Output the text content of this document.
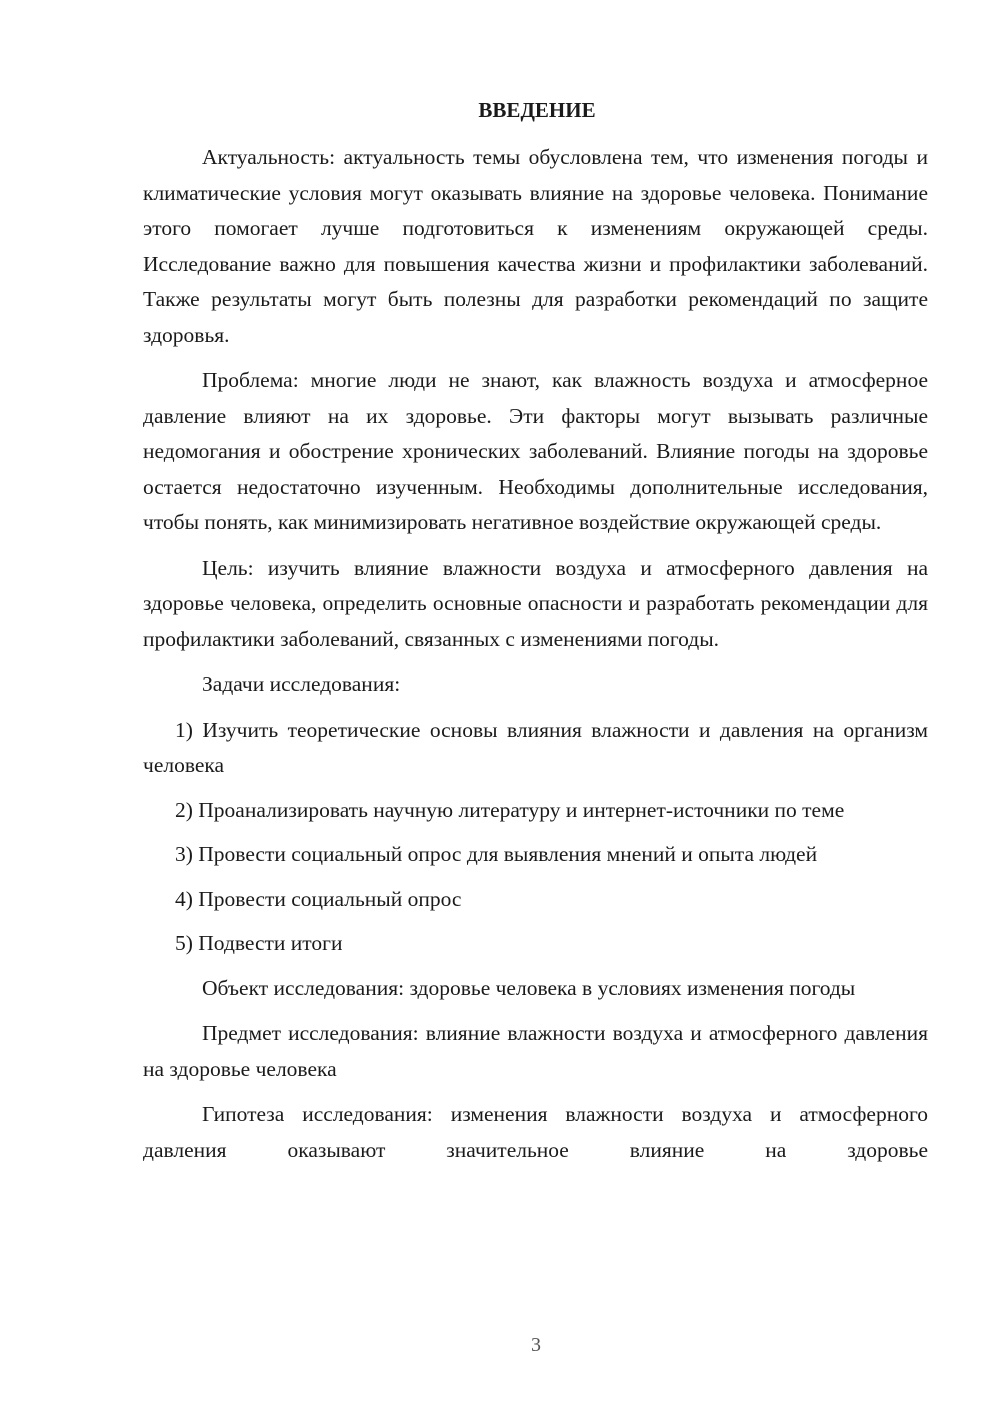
ВВЕДЕНИЕ

Актуальность: актуальность темы обусловлена тем, что изменения погоды и климатические условия могут оказывать влияние на здоровье человека. Понимание этого помогает лучше подготовиться к изменениям окружающей среды. Исследование важно для повышения качества жизни и профилактики заболеваний. Также результаты могут быть полезны для разработки рекомендаций по защите здоровья.

Проблема: многие люди не знают, как влажность воздуха и атмосферное давление влияют на их здоровье. Эти факторы могут вызывать различные недомогания и обострение хронических заболеваний. Влияние погоды на здоровье остается недостаточно изученным. Необходимы дополнительные исследования, чтобы понять, как минимизировать негативное воздействие окружающей среды.

Цель: изучить влияние влажности воздуха и атмосферного давления на здоровье человека, определить основные опасности и разработать рекомендации для профилактики заболеваний, связанных с изменениями погоды.

Задачи исследования:

1) Изучить теоретические основы влияния влажности и давления на организм человека

2) Проанализировать научную литературу и интернет-источники по теме

3) Провести социальный опрос для выявления мнений и опыта людей

4) Провести социальный опрос

5) Подвести итоги

Объект исследования: здоровье человека в условиях изменения погоды

Предмет исследования: влияние влажности воздуха и атмосферного давления на здоровье человека

Гипотеза исследования: изменения влажности воздуха и атмосферного давления оказывают значительное влияние на здоровье

3
